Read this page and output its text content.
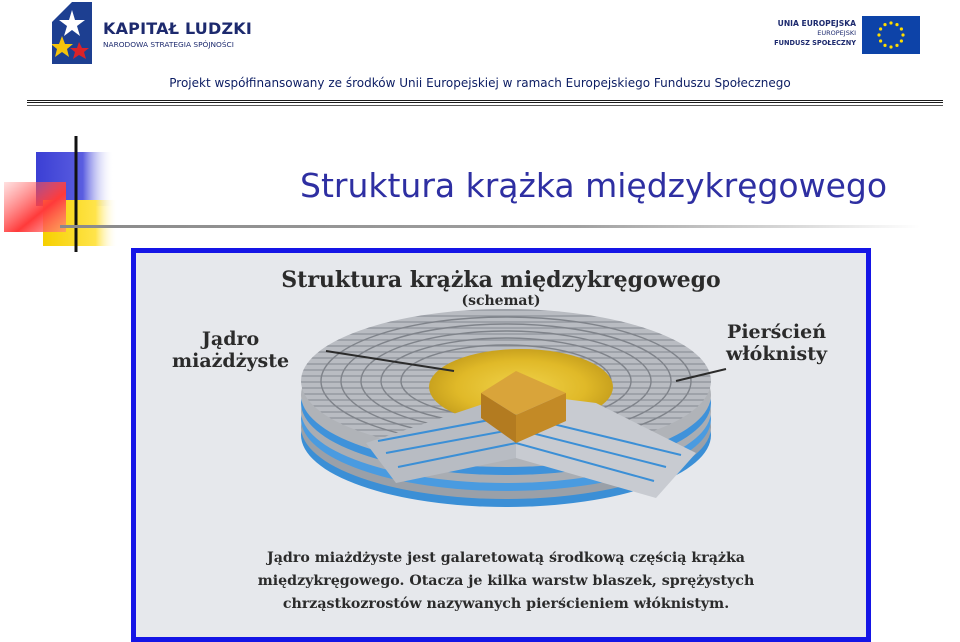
KAPITAŁ LUDZKI
NARODOWA STRATEGIA SPÓJNOŚCI
UNIA EUROPEJSKA
EUROPEJSKI
FUNDUSZ SPOŁECZNY
Projekt współfinansowany ze środków Unii Europejskiej w ramach Europejskiego Funduszu Społecznego
Struktura krążka międzykręgowego
Struktura krążka międzykręgowego
(schemat)
Jądro
miażdżyste
Pierścień
włóknisty
Jądro miażdżyste jest galaretowatą środkową częścią krążka
międzykręgowego. Otacza je kilka warstw blaszek, sprężystych
chrząstkozrostów nazywanych pierścieniem włóknistym.
